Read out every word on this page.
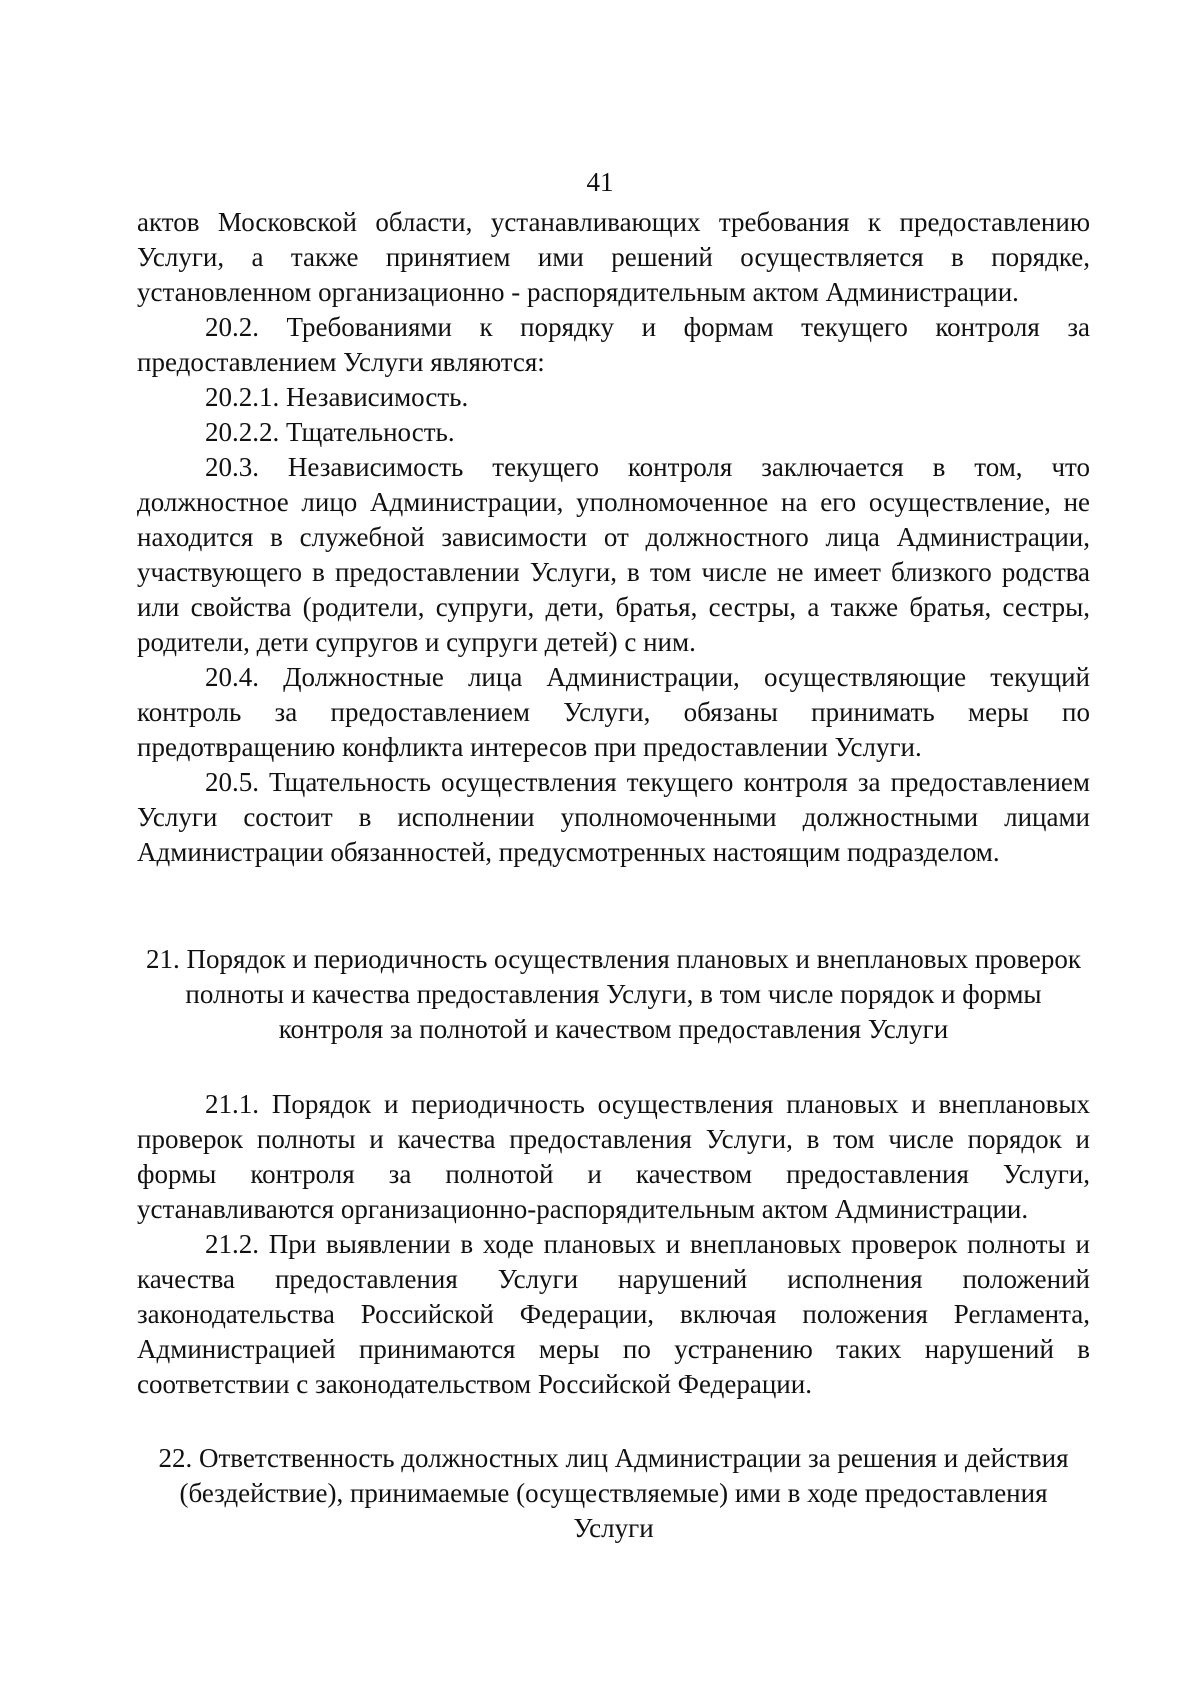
41

актов Московской области, устанавливающих требования к предоставлению Услуги, а также принятием ими решений осуществляется в порядке, установленном организационно - распорядительным актом Администрации.

20.2. Требованиями к порядку и формам текущего контроля за предоставлением Услуги являются:

20.2.1. Независимость.

20.2.2. Тщательность.

20.3. Независимость текущего контроля заключается в том, что должностное лицо Администрации, уполномоченное на его осуществление, не находится в служебной зависимости от должностного лица Администрации, участвующего в предоставлении Услуги, в том числе не имеет близкого родства или свойства (родители, супруги, дети, братья, сестры, а также братья, сестры, родители, дети супругов и супруги детей) с ним.

20.4. Должностные лица Администрации, осуществляющие текущий контроль за предоставлением Услуги, обязаны принимать меры по предотвращению конфликта интересов при предоставлении Услуги.

20.5. Тщательность осуществления текущего контроля за предоставлением Услуги состоит в исполнении уполномоченными должностными лицами Администрации обязанностей, предусмотренных настоящим подразделом.

21. Порядок и периодичность осуществления плановых и внеплановых проверок

полноты и качества предоставления Услуги, в том числе порядок и формы

контроля за полнотой и качеством предоставления Услуги

21.1. Порядок и периодичность осуществления плановых и внеплановых проверок полноты и качества предоставления Услуги, в том числе порядок и формы контроля за полнотой и качеством предоставления Услуги, устанавливаются организационно-распорядительным актом Администрации.

21.2. При выявлении в ходе плановых и внеплановых проверок полноты и качества предоставления Услуги нарушений исполнения положений законодательства Российской Федерации, включая положения Регламента, Администрацией принимаются меры по устранению таких нарушений в соответствии с законодательством Российской Федерации.

22. Ответственность должностных лиц Администрации за решения и действия

(бездействие), принимаемые (осуществляемые) ими в ходе предоставления Услуги
